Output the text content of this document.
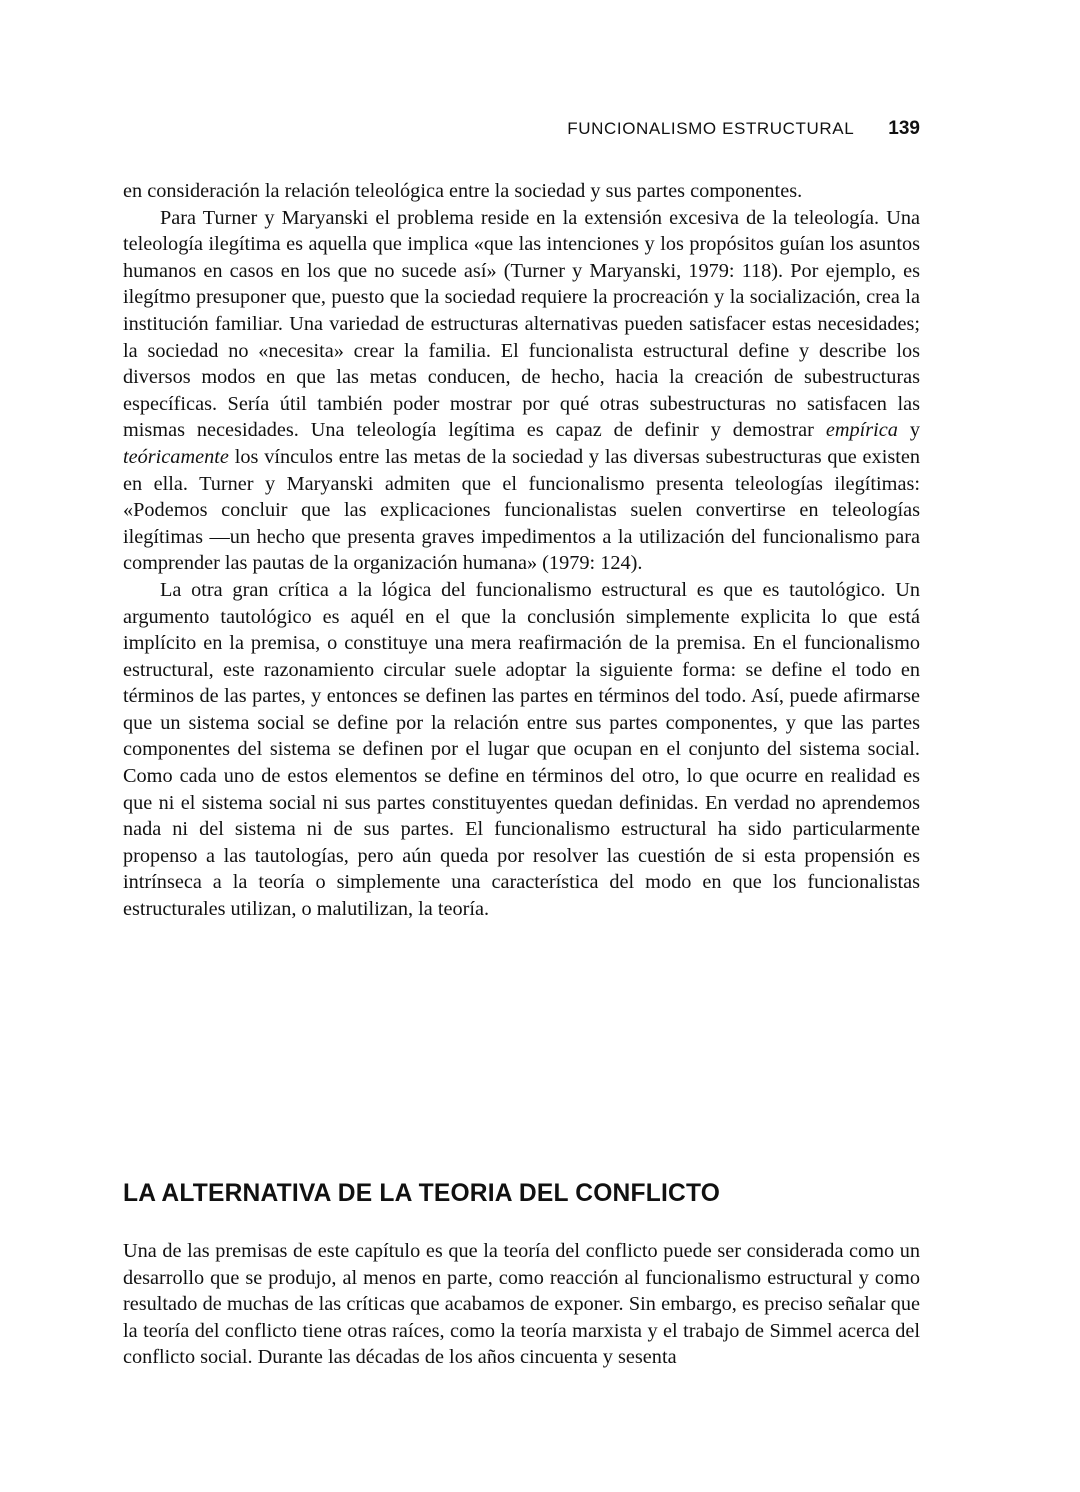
FUNCIONALISMO ESTRUCTURAL 139

en consideración la relación teleológica entre la sociedad y sus partes componentes.

Para Turner y Maryanski el problema reside en la extensión excesiva de la teleología. Una teleología ilegítima es aquella que implica «que las intenciones y los propósitos guían los asuntos humanos en casos en los que no sucede así» (Turner y Maryanski, 1979: 118). Por ejemplo, es ilegítmo presuponer que, puesto que la sociedad requiere la procreación y la socialización, crea la institución familiar. Una variedad de estructuras alternativas pueden satisfacer estas necesidades; la sociedad no «necesita» crear la familia. El funcionalista estructural define y describe los diversos modos en que las metas conducen, de hecho, hacia la creación de subestructuras específicas. Sería útil también poder mostrar por qué otras subestructuras no satisfacen las mismas necesidades. Una teleología legítima es capaz de definir y demostrar empírica y teóricamente los vínculos entre las metas de la sociedad y las diversas subestructuras que existen en ella. Turner y Maryanski admiten que el funcionalismo presenta teleologías ilegítimas: «Podemos concluir que las explicaciones funcionalistas suelen convertirse en teleologías ilegítimas —un hecho que presenta graves impedimentos a la utilización del funcionalismo para comprender las pautas de la organización humana» (1979: 124).

La otra gran crítica a la lógica del funcionalismo estructural es que es tautológico. Un argumento tautológico es aquél en el que la conclusión simplemente explicita lo que está implícito en la premisa, o constituye una mera reafirmación de la premisa. En el funcionalismo estructural, este razonamiento circular suele adoptar la siguiente forma: se define el todo en términos de las partes, y entonces se definen las partes en términos del todo. Así, puede afirmarse que un sistema social se define por la relación entre sus partes componentes, y que las partes componentes del sistema se definen por el lugar que ocupan en el conjunto del sistema social. Como cada uno de estos elementos se define en términos del otro, lo que ocurre en realidad es que ni el sistema social ni sus partes constituyentes quedan definidas. En verdad no aprendemos nada ni del sistema ni de sus partes. El funcionalismo estructural ha sido particularmente propenso a las tautologías, pero aún queda por resolver las cuestión de si esta propensión es intrínseca a la teoría o simplemente una característica del modo en que los funcionalistas estructurales utilizan, o malutilizan, la teoría.

LA ALTERNATIVA DE LA TEORIA DEL CONFLICTO

Una de las premisas de este capítulo es que la teoría del conflicto puede ser considerada como un desarrollo que se produjo, al menos en parte, como reacción al funcionalismo estructural y como resultado de muchas de las críticas que acabamos de exponer. Sin embargo, es preciso señalar que la teoría del conflicto tiene otras raíces, como la teoría marxista y el trabajo de Simmel acerca del conflicto social. Durante las décadas de los años cincuenta y sesenta
